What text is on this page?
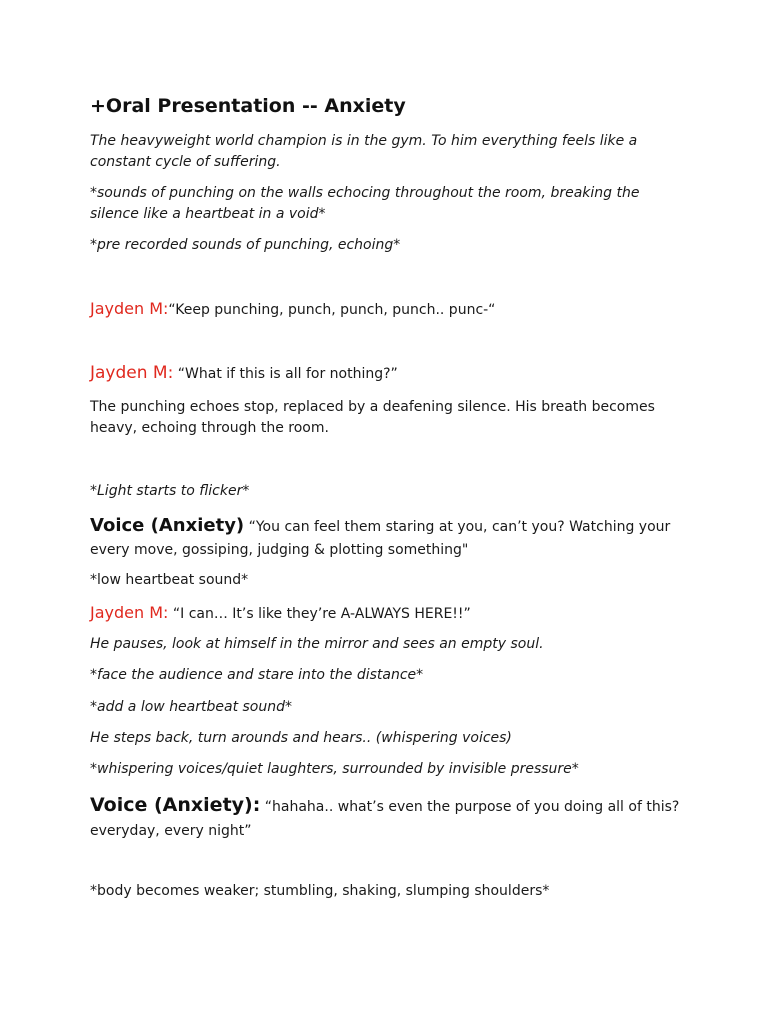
+Oral Presentation -- Anxiety
The heavyweight world champion is in the gym. To him everything feels like a constant cycle of suffering.
*sounds of punching on the walls echocing throughout the room, breaking the silence like a heartbeat in a void*
*pre recorded sounds of punching, echoing*
Jayden M:“Keep punching, punch, punch, punch.. punc-“
Jayden M: “What if this is all for nothing?”
The punching echoes stop, replaced by a deafening silence. His breath becomes heavy, echoing through the room.
*Light starts to flicker*
Voice (Anxiety) “You can feel them staring at you, can’t you? Watching your every move, gossiping, judging & plotting something"
*low heartbeat sound*
Jayden M: “I can… It’s like they’re A-ALWAYS HERE!!”
He pauses, look at himself in the mirror and sees an empty soul.
*face the audience and stare into the distance*
*add a low heartbeat sound*
He steps back, turn arounds and hears.. (whispering voices)
*whispering voices/quiet laughters, surrounded by invisible pressure*
Voice (Anxiety): “hahaha.. what’s even the purpose of you doing all of this? everyday, every night”
*body becomes weaker; stumbling, shaking, slumping shoulders*
